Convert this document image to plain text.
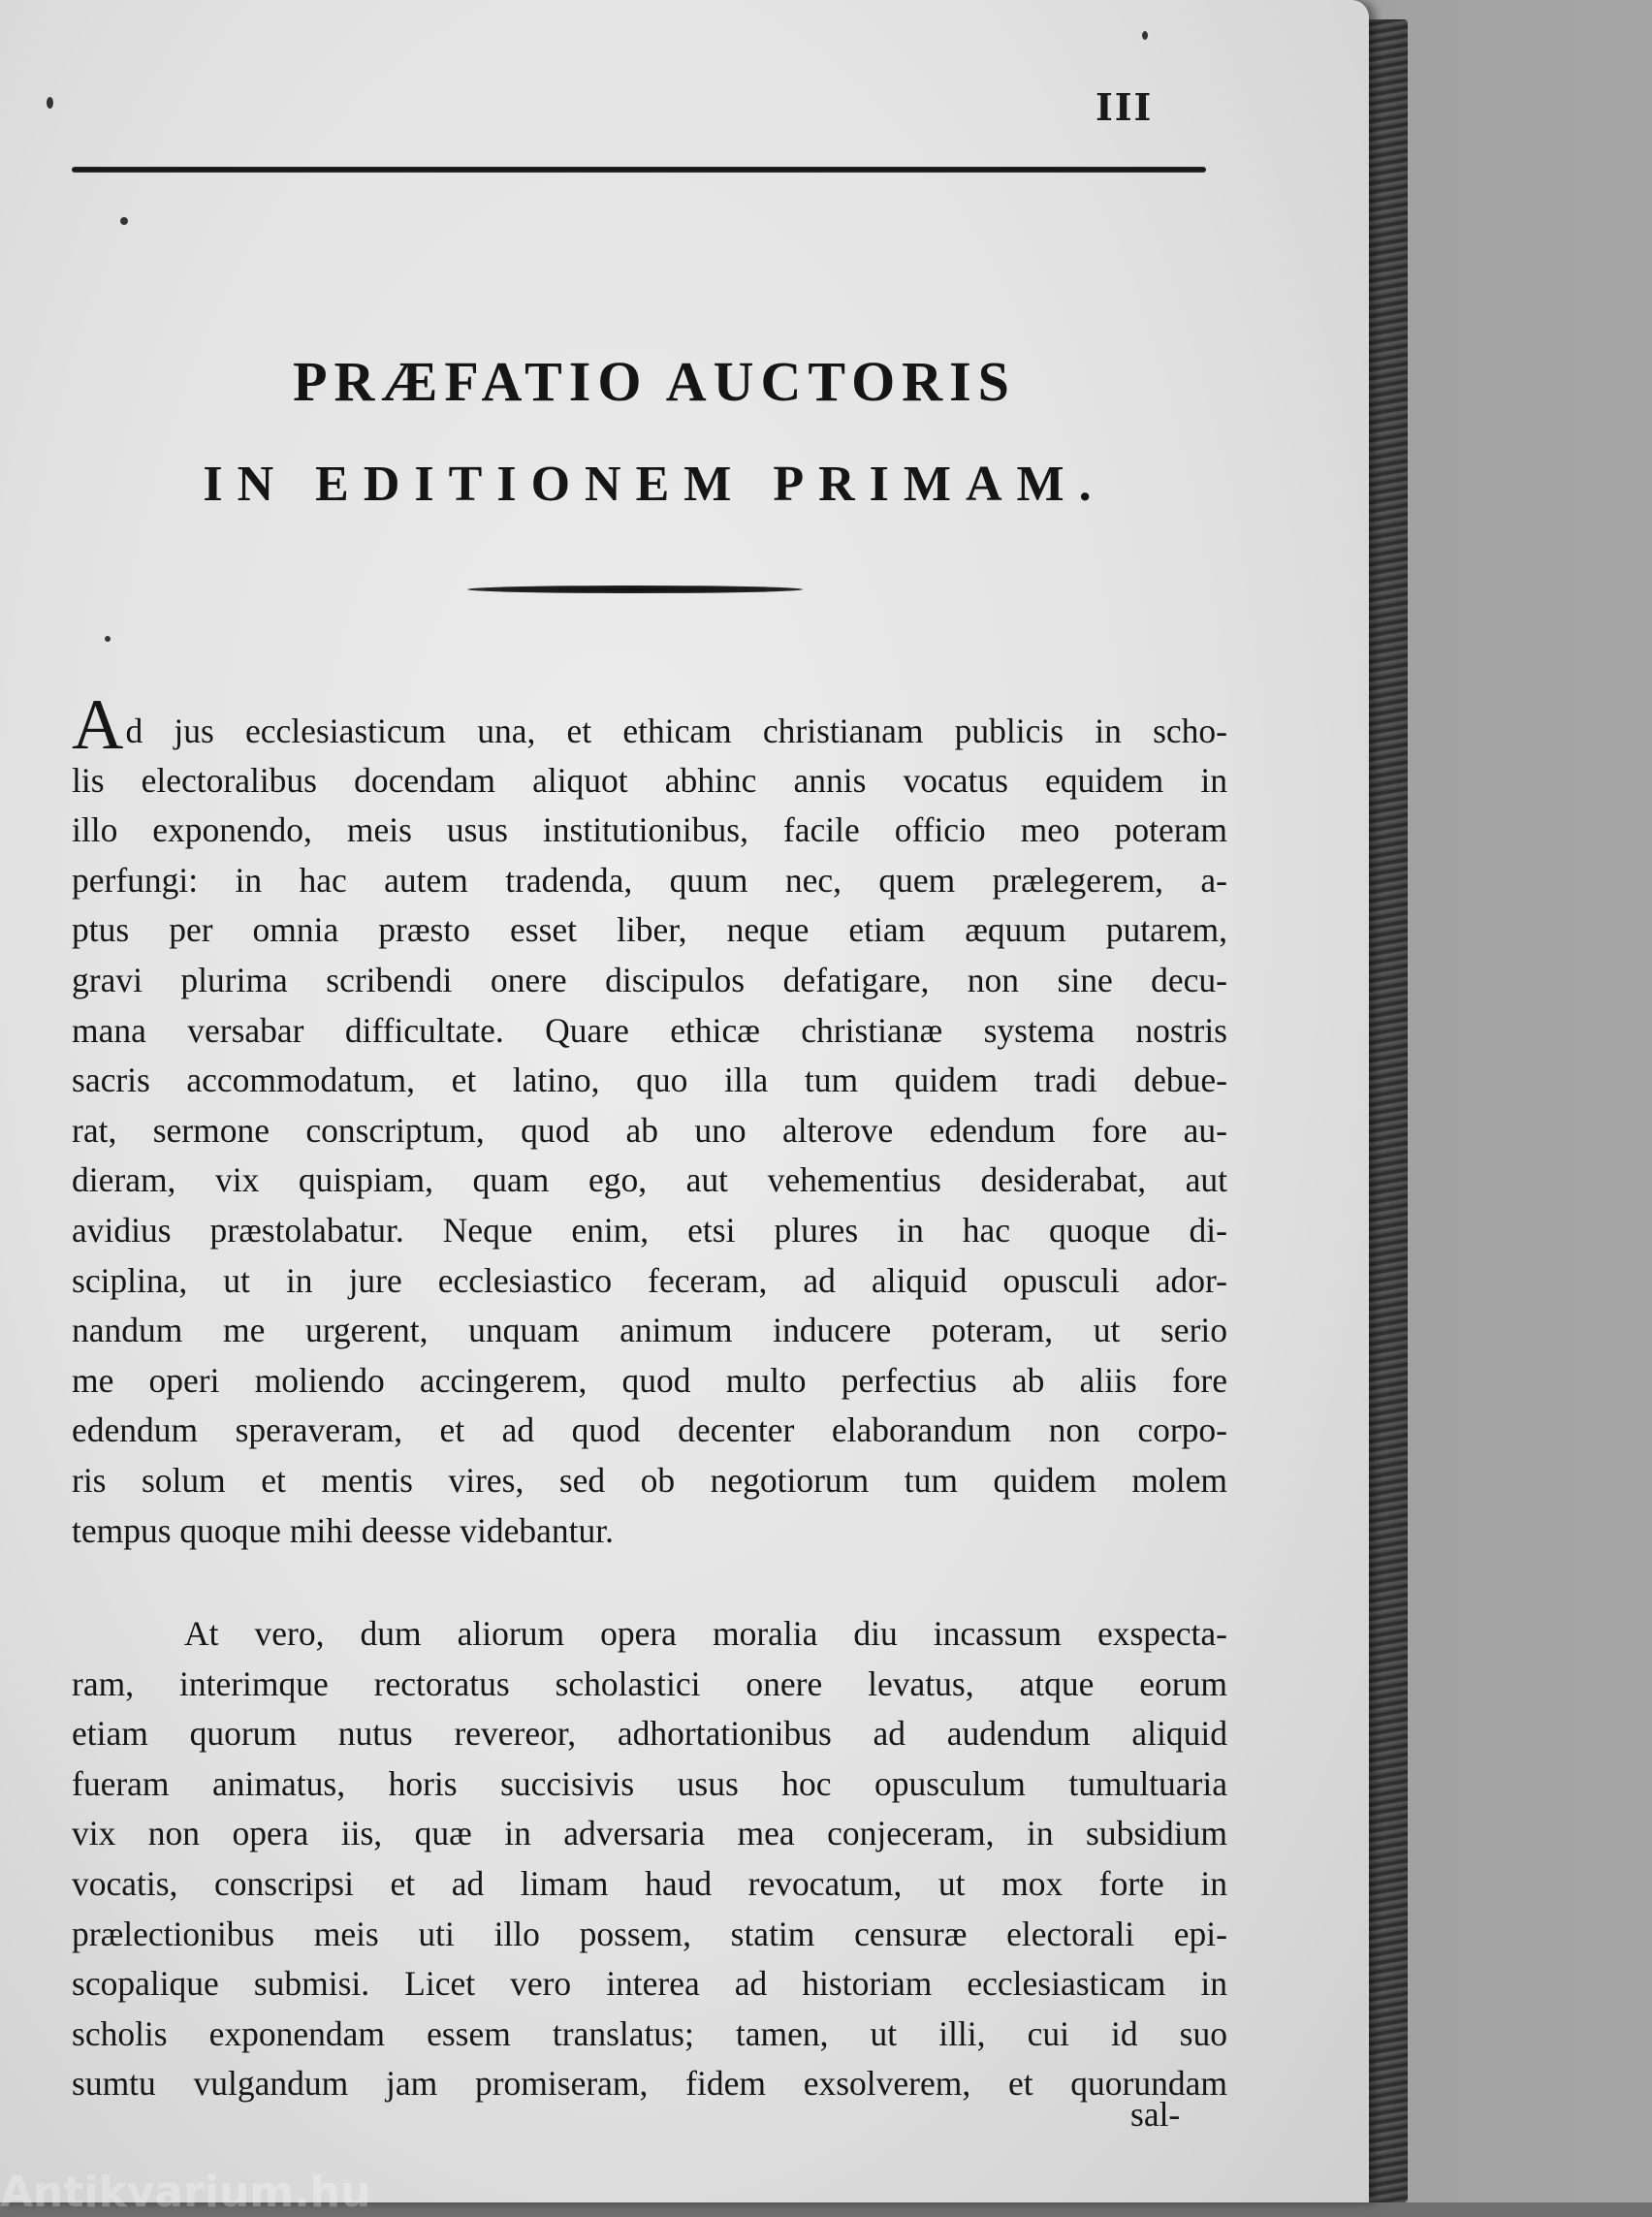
III
PRÆFATIO AUCTORIS
IN EDITIONEM PRIMAM.
Ad jus ecclesiasticum una, et ethicam christianam publicis in scho-
lis electoralibus docendam aliquot abhinc annis vocatus equidem in
illo exponendo, meis usus institutionibus, facile officio meo poteram
perfungi: in hac autem tradenda, quum nec, quem prælegerem, a-
ptus per omnia præsto esset liber, neque etiam æquum putarem,
gravi plurima scribendi onere discipulos defatigare, non sine decu-
mana versabar difficultate. Quare ethicæ christianæ systema nostris
sacris accommodatum, et latino, quo illa tum quidem tradi debue-
rat, sermone conscriptum, quod ab uno alterove edendum fore au-
dieram, vix quispiam, quam ego, aut vehementius desiderabat, aut
avidius præstolabatur. Neque enim, etsi plures in hac quoque di-
sciplina, ut in jure ecclesiastico feceram, ad aliquid opusculi ador-
nandum me urgerent, unquam animum inducere poteram, ut serio
me operi moliendo accingerem, quod multo perfectius ab aliis fore
edendum speraveram, et ad quod decenter elaborandum non corpo-
ris solum et mentis vires, sed ob negotiorum tum quidem molem
tempus quoque mihi deesse videbantur.
At vero, dum aliorum opera moralia diu incassum exspecta-
ram, interimque rectoratus scholastici onere levatus, atque eorum
etiam quorum nutus revereor, adhortationibus ad audendum aliquid
fueram animatus, horis succisivis usus hoc opusculum tumultuaria
vix non opera iis, quæ in adversaria mea conjeceram, in subsidium
vocatis, conscripsi et ad limam haud revocatum, ut mox forte in
prælectionibus meis uti illo possem, statim censuræ electorali epi-
scopalique submisi. Licet vero interea ad historiam ecclesiasticam in
scholis exponendam essem translatus; tamen, ut illi, cui id suo
sumtu vulgandum jam promiseram, fidem exsolverem, et quorundam
sal-
Antikvarium.hu
